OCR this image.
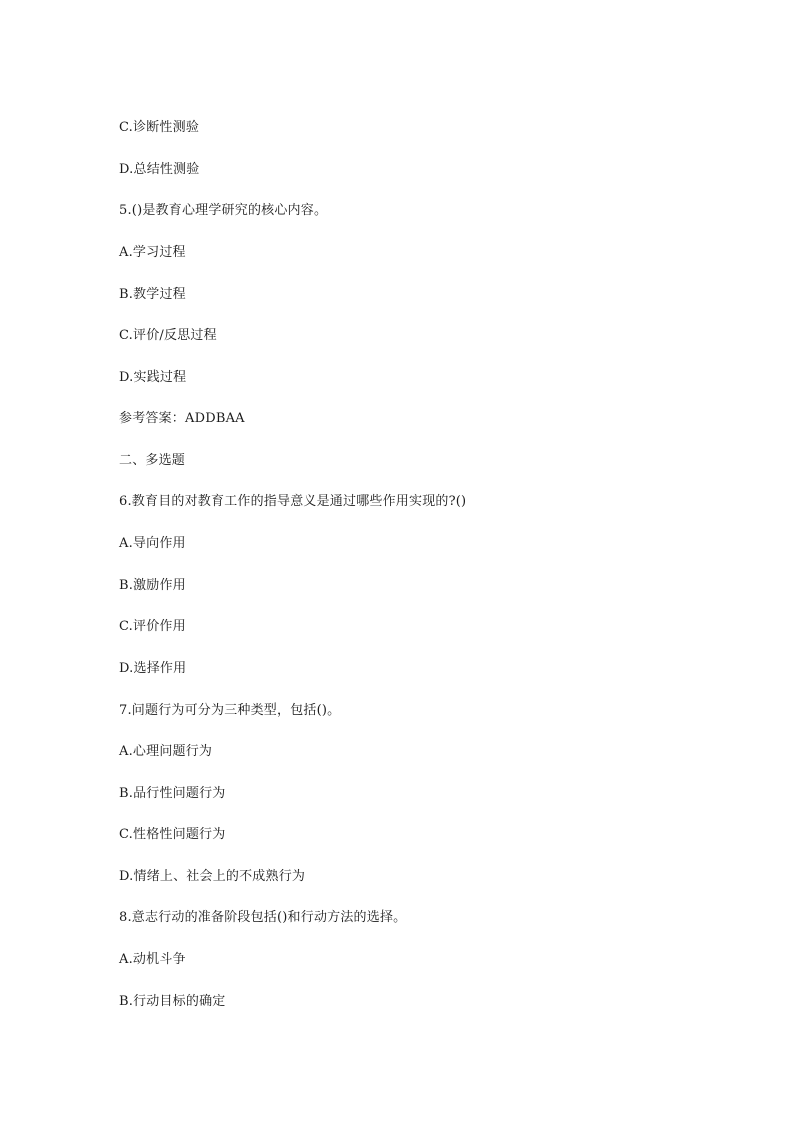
C.诊断性测验
D.总结性测验
5.()是教育心理学研究的核心内容。
A.学习过程
B.教学过程
C.评价/反思过程
D.实践过程
参考答案：ADDBAA
二、多选题
6.教育目的对教育工作的指导意义是通过哪些作用实现的?()
A.导向作用
B.激励作用
C.评价作用
D.选择作用
7.问题行为可分为三种类型，包括()。
A.心理问题行为
B.品行性问题行为
C.性格性问题行为
D.情绪上、社会上的不成熟行为
8.意志行动的准备阶段包括()和行动方法的选择。
A.动机斗争
B.行动目标的确定
